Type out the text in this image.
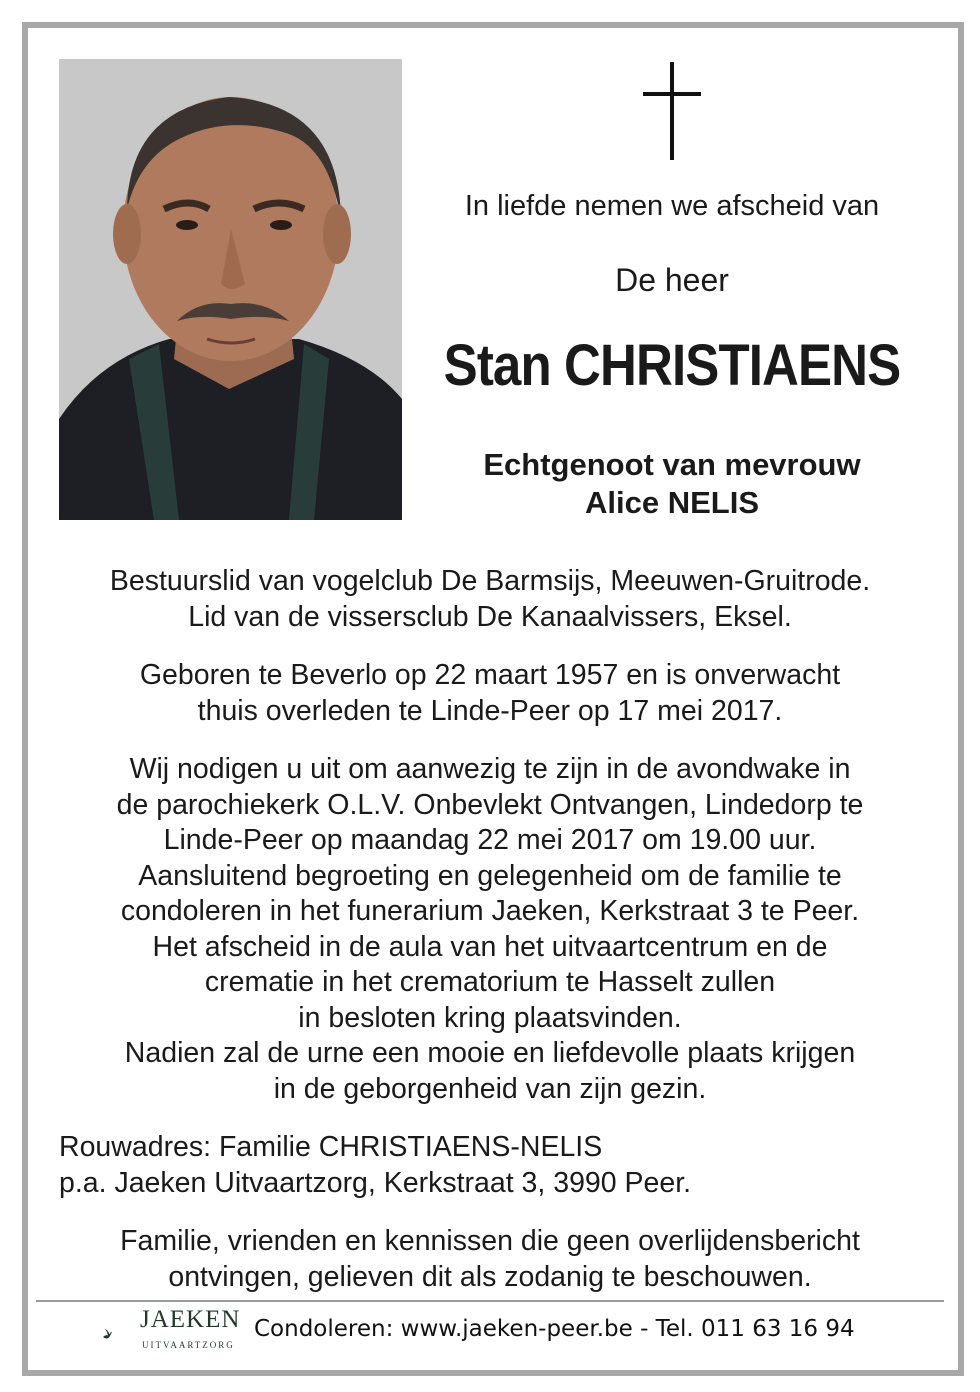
In liefde nemen we afscheid van
De heer
Stan CHRISTIAENS
Echtgenoot van mevrouw
Alice NELIS
Bestuurslid van vogelclub De Barmsijs, Meeuwen-Gruitrode.
Lid van de vissersclub De Kanaalvissers, Eksel.
Geboren te Beverlo op 22 maart 1957 en is onverwacht
thuis overleden te Linde-Peer op 17 mei 2017.
Wij nodigen u uit om aanwezig te zijn in de avondwake in
de parochiekerk O.L.V. Onbevlekt Ontvangen, Lindedorp te
Linde-Peer op maandag 22 mei 2017 om 19.00 uur.
Aansluitend begroeting en gelegenheid om de familie te
condoleren in het funerarium Jaeken, Kerkstraat 3 te Peer.
Het afscheid in de aula van het uitvaartcentrum en de
crematie in het crematorium te Hasselt zullen
in besloten kring plaatsvinden.
Nadien zal de urne een mooie en liefdevolle plaats krijgen
in de geborgenheid van zijn gezin.
Rouwadres: Familie CHRISTIAENS-NELIS
p.a. Jaeken Uitvaartzorg, Kerkstraat 3, 3990 Peer.
Familie, vrienden en kennissen die geen overlijdensbericht
ontvingen, gelieven dit als zodanig te beschouwen.
JAEKEN
UITVAARTZORG
Condoleren: www.jaeken-peer.be - Tel. 011 63 16 94
